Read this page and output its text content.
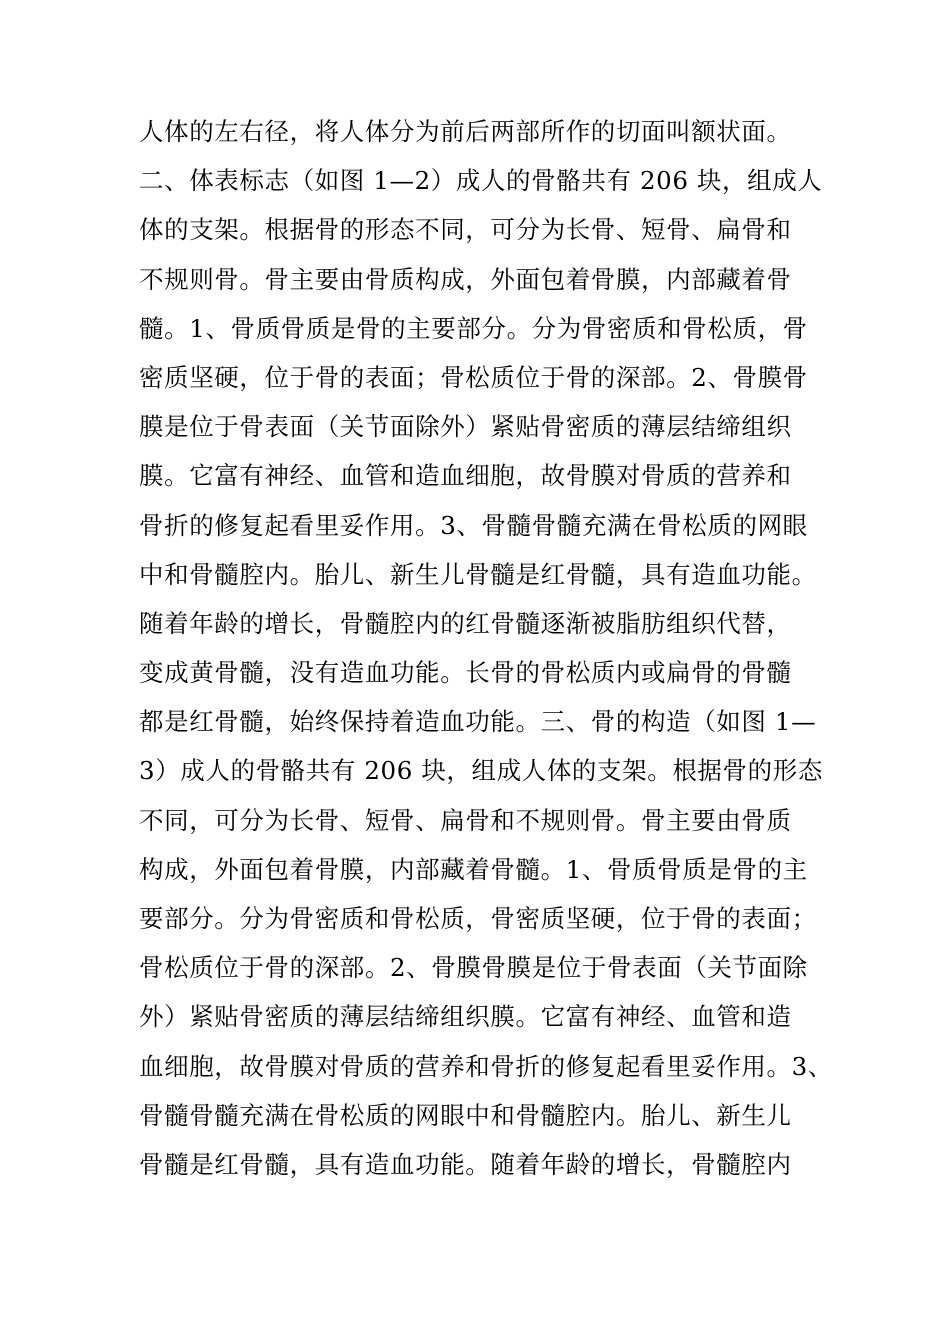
人体的左右径，将人体分为前后两部所作的切面叫额状面。
二、体表标志（如图 1—2）成人的骨骼共有 206 块，组成人
体的支架。根据骨的形态不同，可分为长骨、短骨、扁骨和
不规则骨。骨主要由骨质构成，外面包着骨膜，内部藏着骨
髓。1、骨质骨质是骨的主要部分。分为骨密质和骨松质，骨
密质坚硬，位于骨的表面；骨松质位于骨的深部。2、骨膜骨
膜是位于骨表面（关节面除外）紧贴骨密质的薄层结缔组织
膜。它富有神经、血管和造血细胞，故骨膜对骨质的营养和
骨折的修复起看里妥作用。3、骨髓骨髓充满在骨松质的网眼
中和骨髓腔内。胎儿、新生儿骨髓是红骨髓，具有造血功能。
随着年龄的增长，骨髓腔内的红骨髓逐渐被脂肪组织代替，
变成黄骨髓，没有造血功能。长骨的骨松质内或扁骨的骨髓
都是红骨髓，始终保持着造血功能。三、骨的构造（如图 1—
3）成人的骨骼共有 206 块，组成人体的支架。根据骨的形态
不同，可分为长骨、短骨、扁骨和不规则骨。骨主要由骨质
构成，外面包着骨膜，内部藏着骨髓。1、骨质骨质是骨的主
要部分。分为骨密质和骨松质，骨密质坚硬，位于骨的表面；
骨松质位于骨的深部。2、骨膜骨膜是位于骨表面（关节面除
外）紧贴骨密质的薄层结缔组织膜。它富有神经、血管和造
血细胞，故骨膜对骨质的营养和骨折的修复起看里妥作用。3、
骨髓骨髓充满在骨松质的网眼中和骨髓腔内。胎儿、新生儿
骨髓是红骨髓，具有造血功能。随着年龄的增长，骨髓腔内
